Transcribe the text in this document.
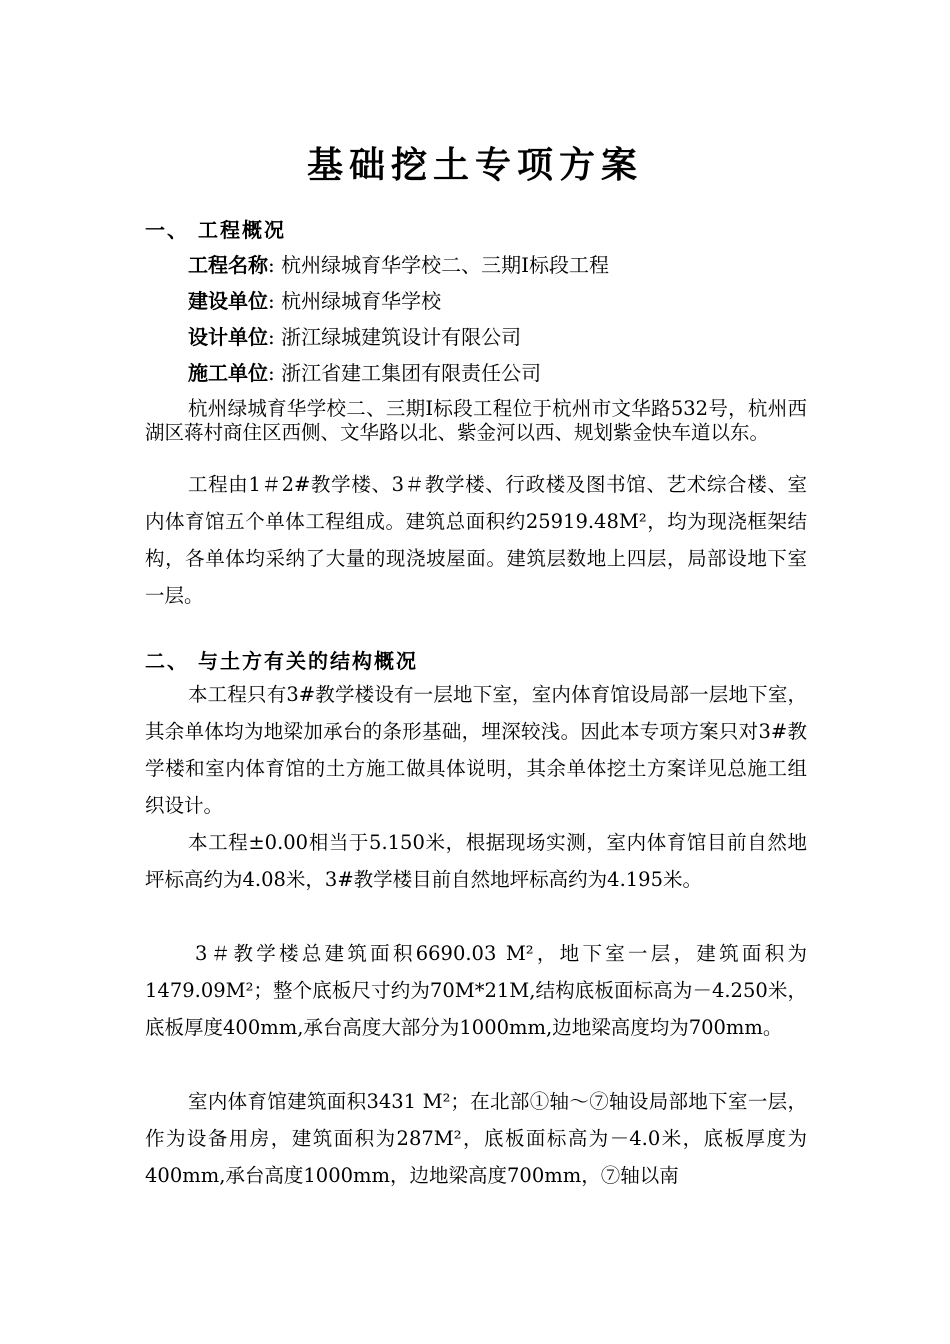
基础挖土专项方案
一、 工程概况
工程名称: 杭州绿城育华学校二、三期I标段工程
建设单位: 杭州绿城育华学校
设计单位: 浙江绿城建筑设计有限公司
施工单位: 浙江省建工集团有限责任公司
杭州绿城育华学校二、三期I标段工程位于杭州市文华路532号，杭州西湖区蒋村商住区西侧、文华路以北、紫金河以西、规划紫金快车道以东。
工程由1＃2#教学楼、3＃教学楼、行政楼及图书馆、艺术综合楼、室内体育馆五个单体工程组成。建筑总面积约25919.48M²，均为现浇框架结构，各单体均采纳了大量的现浇坡屋面。建筑层数地上四层，局部设地下室一层。
二、 与土方有关的结构概况
本工程只有3#教学楼设有一层地下室，室内体育馆设局部一层地下室，其余单体均为地梁加承台的条形基础，埋深较浅。因此本专项方案只对3#教学楼和室内体育馆的土方施工做具体说明，其余单体挖土方案详见总施工组织设计。
本工程±0.00相当于5.150米，根据现场实测，室内体育馆目前自然地坪标高约为4.08米，3#教学楼目前自然地坪标高约为4.195米。
3＃教学楼总建筑面积6690.03 M²，地下室一层，建筑面积为1479.09M²；整个底板尺寸约为70M*21M,结构底板面标高为－4.250米，底板厚度400mm,承台高度大部分为1000mm,边地梁高度均为700mm。
室内体育馆建筑面积3431 M²；在北部①轴～⑦轴设局部地下室一层，作为设备用房，建筑面积为287M²，底板面标高为－4.0米，底板厚度为400mm,承台高度1000mm，边地梁高度700mm，⑦轴以南
